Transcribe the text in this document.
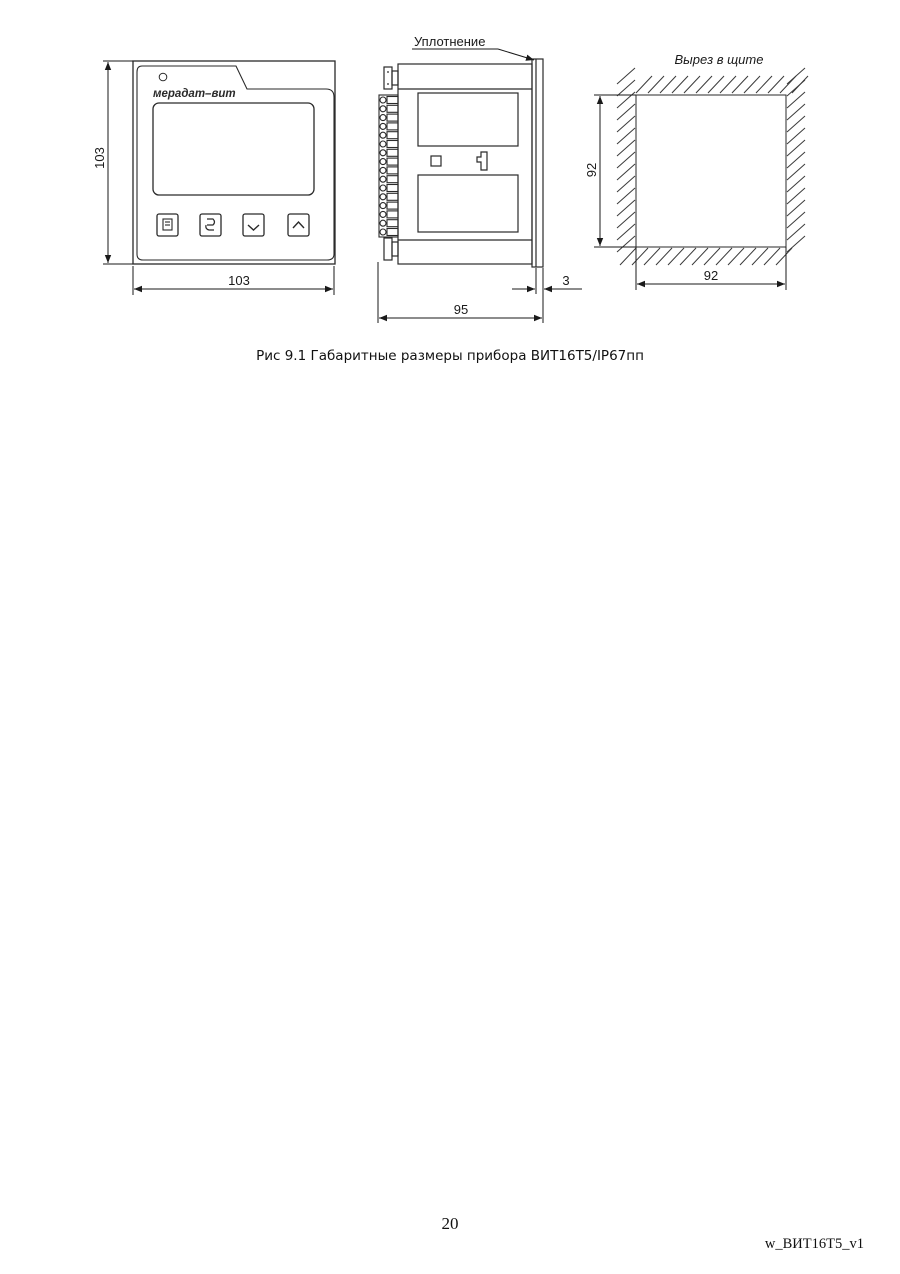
мерадат–вит
103
103
Уплотнение
95
3
Вырез в щите
92
92
Рис 9.1 Габаритные размеры прибора ВИТ16Т5/IP67пп
20
w_ВИТ16Т5_v1
